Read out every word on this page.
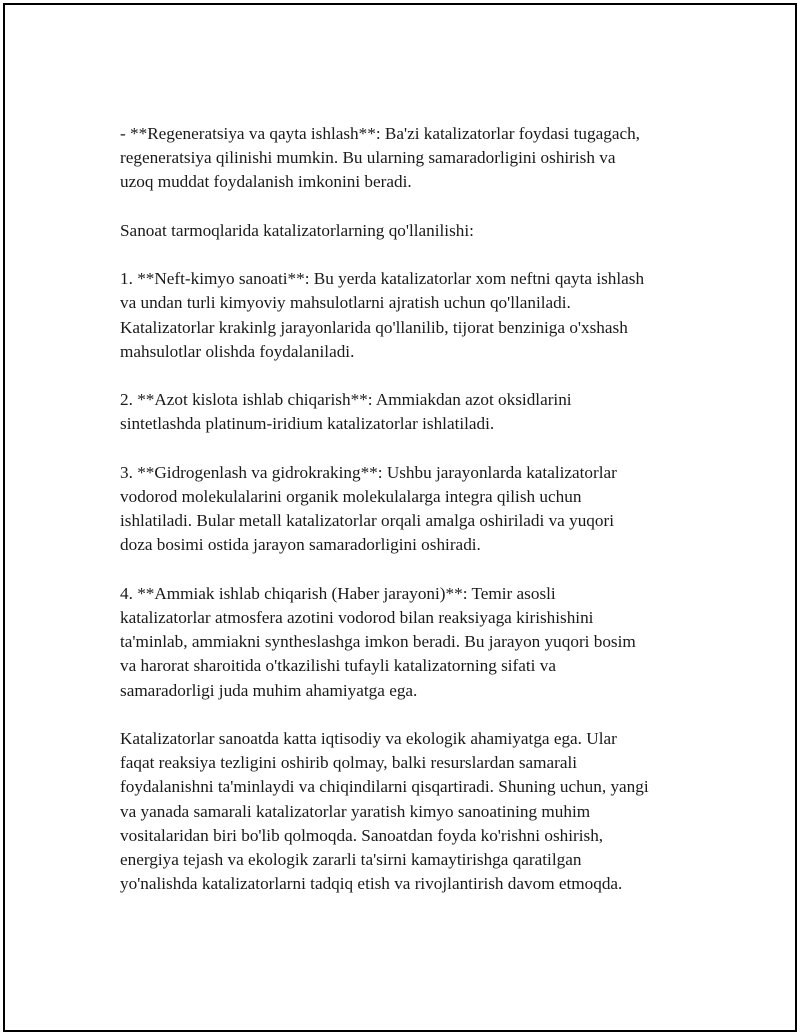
- **Regeneratsiya va qayta ishlash**: Ba'zi katalizatorlar foydasi tugagach,
regeneratsiya qilinishi mumkin. Bu ularning samaradorligini oshirish va
uzoq muddat foydalanish imkonini beradi.

Sanoat tarmoqlarida katalizatorlarning qo'llanilishi:

1. **Neft-kimyo sanoati**: Bu yerda katalizatorlar xom neftni qayta ishlash
va undan turli kimyoviy mahsulotlarni ajratish uchun qo'llaniladi.
Katalizatorlar krakinlg jarayonlarida qo'llanilib, tijorat benziniga o'xshash
mahsulotlar olishda foydalaniladi.

2. **Azot kislota ishlab chiqarish**: Ammiakdan azot oksidlarini
sintetlashda platinum-iridium katalizatorlar ishlatiladi.

3. **Gidrogenlash va gidrokraking**: Ushbu jarayonlarda katalizatorlar
vodorod molekulalarini organik molekulalarga integra qilish uchun
ishlatiladi. Bular metall katalizatorlar orqali amalga oshiriladi va yuqori
doza bosimi ostida jarayon samaradorligini oshiradi.

4. **Ammiak ishlab chiqarish (Haber jarayoni)**: Temir asosli
katalizatorlar atmosfera azotini vodorod bilan reaksiyaga kirishishini
ta'minlab, ammiakni syntheslashga imkon beradi. Bu jarayon yuqori bosim
va harorat sharoitida o'tkazilishi tufayli katalizatorning sifati va
samaradorligi juda muhim ahamiyatga ega.

Katalizatorlar sanoatda katta iqtisodiy va ekologik ahamiyatga ega. Ular
faqat reaksiya tezligini oshirib qolmay, balki resurslardan samarali
foydalanishni ta'minlaydi va chiqindilarni qisqartiradi. Shuning uchun, yangi
va yanada samarali katalizatorlar yaratish kimyo sanoatining muhim
vositalaridan biri bo'lib qolmoqda. Sanoatdan foyda ko'rishni oshirish,
energiya tejash va ekologik zararli ta'sirni kamaytirishga qaratilgan
yo'nalishda katalizatorlarni tadqiq etish va rivojlantirish davom etmoqda.
